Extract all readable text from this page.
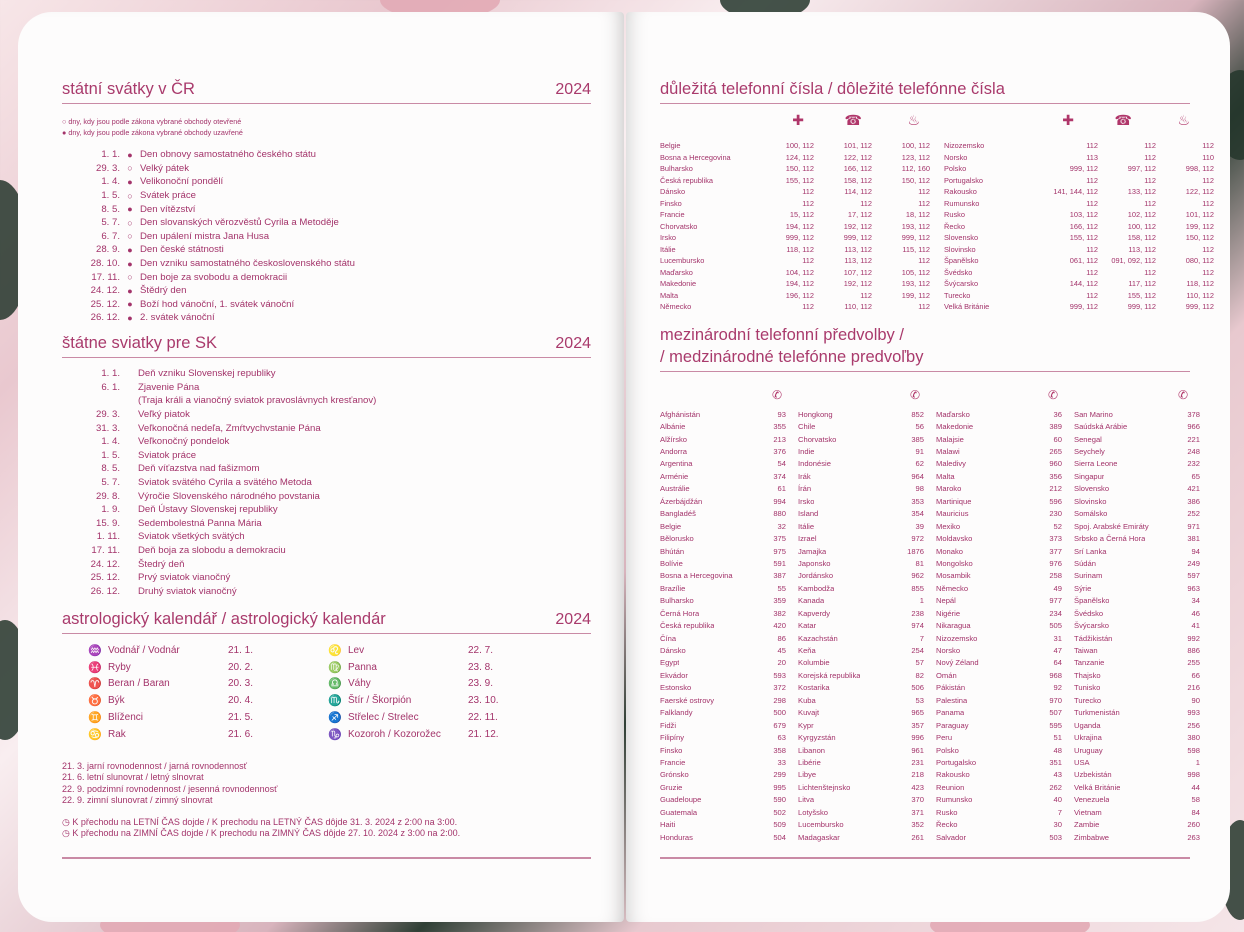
státní svátky v ČR	2024
○ dny, kdy jsou podle zákona vybrané obchody otevřené
● dny, kdy jsou podle zákona vybrané obchody uzavřené
1. 1. ● Den obnovy samostatného českého státu
29. 3. ○ Velký pátek
1. 4. ● Velikonoční pondělí
1. 5. ○ Svátek práce
8. 5. ● Den vítězství
5. 7. ○ Den slovanských věrozvěstů Cyrila a Metoděje
6. 7. ○ Den upálení mistra Jana Husa
28. 9. ● Den české státnosti
28. 10. ● Den vzniku samostatného československého státu
17. 11. ○ Den boje za svobodu a demokracii
24. 12. ● Štědrý den
25. 12. ● Boží hod vánoční, 1. svátek vánoční
26. 12. ● 2. svátek vánoční
štátne sviatky pre SK	2024
1. 1.	Deň vzniku Slovenskej republiky
6. 1.	Zjavenie Pána
(Traja králi a vianočný sviatok pravoslávnych kresťanov)
29. 3.	Veľký piatok
31. 3.	Veľkonočná nedeľa, Zmŕtvychvstanie Pána
1. 4.	Veľkonočný pondelok
1. 5.	Sviatok práce
8. 5.	Deň víťazstva nad fašizmom
5. 7.	Sviatok svätého Cyrila a svätého Metoda
29. 8.	Výročie Slovenského národného povstania
1. 9.	Deň Ústavy Slovenskej republiky
15. 9.	Sedembolestná Panna Mária
1. 11.	Sviatok všetkých svätých
17. 11.	Deň boja za slobodu a demokraciu
24. 12.	Štedrý deň
25. 12.	Prvý sviatok vianočný
26. 12.	Druhý sviatok vianočný
astrologický kalendář / astrologický kalendár	2024
♒ Vodnář / Vodnár	21. 1.
♓ Ryby	20. 2.
♈ Beran / Baran	20. 3.
♉ Býk	20. 4.
♊ Blíženci	21. 5.
♋ Rak	21. 6.
♌ Lev	22. 7.
♍ Panna	23. 8.
♎ Váhy	23. 9.
♏ Štír / Škorpión	23. 10.
♐ Střelec / Strelec	22. 11.
♑ Kozoroh / Kozorožec	21. 12.
21. 3. jarní rovnodennost / jarná rovnodennosť
21. 6. letní slunovrat / letný slnovrat
22. 9. podzimní rovnodennost / jesenná rovnodennosť
22. 9. zimní slunovrat / zimný slnovrat
◷ K přechodu na LETNÍ ČAS dojde / K prechodu na LETNÝ ČAS dôjde 31. 3. 2024 z 2:00 na 3:00.
◷ K přechodu na ZIMNÍ ČAS dojde / K prechodu na ZIMNÝ ČAS dôjde 27. 10. 2024 z 3:00 na 2:00.
důležitá telefonní čísla / dôležité telefónne čísla
✚	☎	♨	✚	☎	♨
Belgie	100, 112	101, 112	100, 112
Bosna a Hercegovina	124, 112	122, 112	123, 112
Bulharsko	150, 112	166, 112	112, 160
Česká republika	155, 112	158, 112	150, 112
Dánsko	112	114, 112	112
Finsko	112	112	112
Francie	15, 112	17, 112	18, 112
Chorvatsko	194, 112	192, 112	193, 112
Irsko	999, 112	999, 112	999, 112
Itálie	118, 112	113, 112	115, 112
Lucembursko	112	113, 112	112
Maďarsko	104, 112	107, 112	105, 112
Makedonie	194, 112	192, 112	193, 112
Malta	196, 112	112	199, 112
Německo	112	110, 112	112
Nizozemsko	112	112	112
Norsko	113	112	110
Polsko	999, 112	997, 112	998, 112
Portugalsko	112	112	112
Rakousko	141, 144, 112	133, 112	122, 112
Rumunsko	112	112	112
Rusko	103, 112	102, 112	101, 112
Řecko	166, 112	100, 112	199, 112
Slovensko	155, 112	158, 112	150, 112
Slovinsko	112	113, 112	112
Španělsko	061, 112	091, 092, 112	080, 112
Švédsko	112	112	112
Švýcarsko	144, 112	117, 112	118, 112
Turecko	112	155, 112	110, 112
Velká Británie	999, 112	999, 112	999, 112
mezinárodní telefonní předvolby /
/ medzinárodné telefónne predvoľby
✆	✆	✆	✆
Afghánistán	93
Albánie	355
Alžírsko	213
Andorra	376
Argentina	54
Arménie	374
Austrálie	61
Ázerbájdžán	994
Bangladéš	880
Belgie	32
Bělorusko	375
Bhútán	975
Bolívie	591
Bosna a Hercegovina	387
Brazílie	55
Bulharsko	359
Černá Hora	382
Česká republika	420
Čína	86
Dánsko	45
Egypt	20
Ekvádor	593
Estonsko	372
Faerské ostrovy	298
Falklandy	500
Fidži	679
Filipíny	63
Finsko	358
Francie	33
Grónsko	299
Gruzie	995
Guadeloupe	590
Guatemala	502
Haiti	509
Honduras	504
Hongkong	852
Chile	56
Chorvatsko	385
Indie	91
Indonésie	62
Irák	964
Írán	98
Irsko	353
Island	354
Itálie	39
Izrael	972
Jamajka	1876
Japonsko	81
Jordánsko	962
Kambodža	855
Kanada	1
Kapverdy	238
Katar	974
Kazachstán	7
Keňa	254
Kolumbie	57
Korejská republika	82
Kostarika	506
Kuba	53
Kuvajt	965
Kypr	357
Kyrgyzstán	996
Libanon	961
Libérie	231
Libye	218
Lichtenštejnsko	423
Litva	370
Lotyšsko	371
Lucembursko	352
Madagaskar	261
Maďarsko	36
Makedonie	389
Malajsie	60
Malawi	265
Maledivy	960
Malta	356
Maroko	212
Martinique	596
Mauricius	230
Mexiko	52
Moldavsko	373
Monako	377
Mongolsko	976
Mosambik	258
Německo	49
Nepál	977
Nigérie	234
Nikaragua	505
Nizozemsko	31
Norsko	47
Nový Zéland	64
Omán	968
Pákistán	92
Palestina	970
Panama	507
Paraguay	595
Peru	51
Polsko	48
Portugalsko	351
Rakousko	43
Reunion	262
Rumunsko	40
Rusko	7
Řecko	30
Salvador	503
San Marino	378
Saúdská Arábie	966
Senegal	221
Seychely	248
Sierra Leone	232
Singapur	65
Slovensko	421
Slovinsko	386
Somálsko	252
Spoj. Arabské Emiráty	971
Srbsko a Černá Hora	381
Srí Lanka	94
Súdán	249
Surinam	597
Sýrie	963
Španělsko	34
Švédsko	46
Švýcarsko	41
Tádžikistán	992
Taiwan	886
Tanzanie	255
Thajsko	66
Tunisko	216
Turecko	90
Turkmenistán	993
Uganda	256
Ukrajina	380
Uruguay	598
USA	1
Uzbekistán	998
Velká Británie	44
Venezuela	58
Vietnam	84
Zambie	260
Zimbabwe	263
